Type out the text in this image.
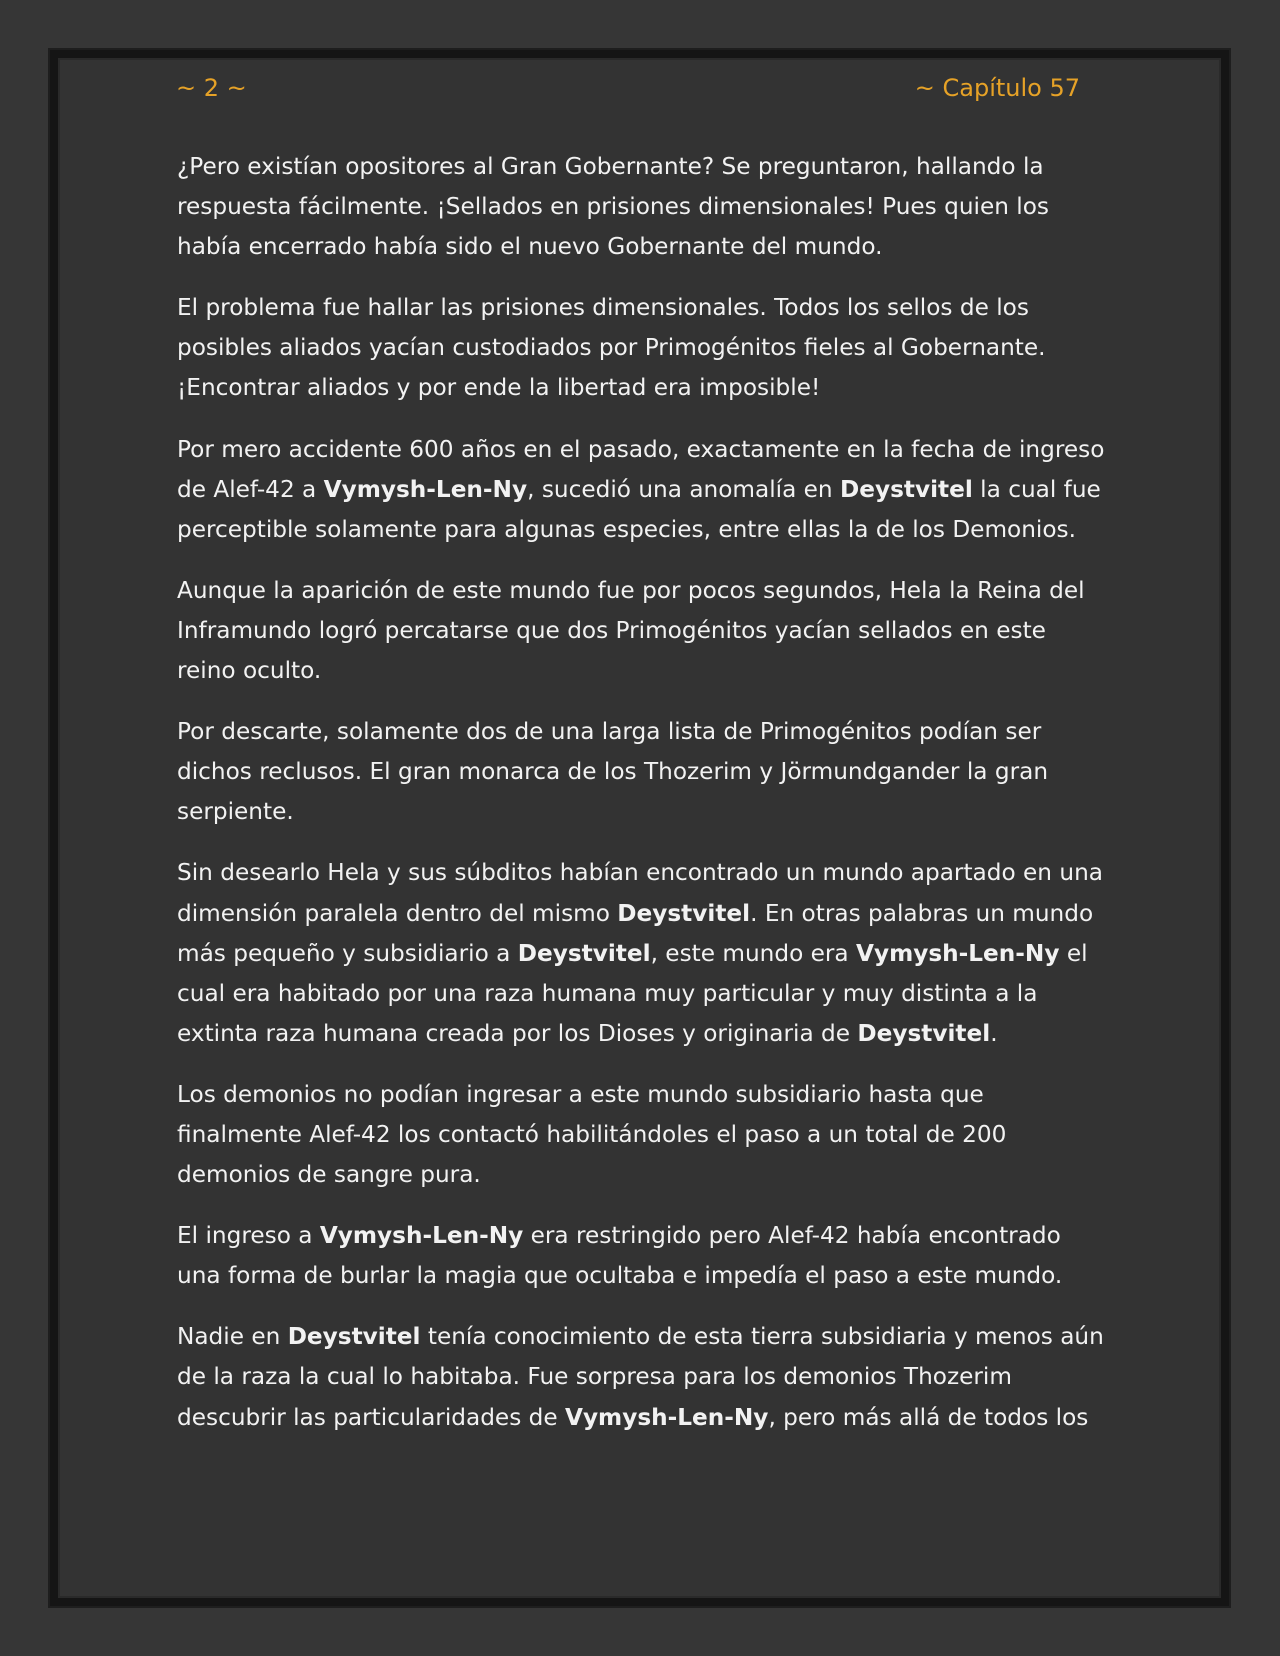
~ 2 ~	~ Capítulo 57

¿Pero existían opositores al Gran Gobernante? Se preguntaron, hallando la respuesta fácilmente. ¡Sellados en prisiones dimensionales! Pues quien los había encerrado había sido el nuevo Gobernante del mundo.

El problema fue hallar las prisiones dimensionales. Todos los sellos de los posibles aliados yacían custodiados por Primogénitos fieles al Gobernante. ¡Encontrar aliados y por ende la libertad era imposible!

Por mero accidente 600 años en el pasado, exactamente en la fecha de ingreso de Alef-42 a Vymysh-Len-Ny, sucedió una anomalía en Deystvitel la cual fue perceptible solamente para algunas especies, entre ellas la de los Demonios.

Aunque la aparición de este mundo fue por pocos segundos, Hela la Reina del Inframundo logró percatarse que dos Primogénitos yacían sellados en este reino oculto.

Por descarte, solamente dos de una larga lista de Primogénitos podían ser dichos reclusos. El gran monarca de los Thozerim y Jörmundgander la gran serpiente.

Sin desearlo Hela y sus súbditos habían encontrado un mundo apartado en una dimensión paralela dentro del mismo Deystvitel. En otras palabras un mundo más pequeño y subsidiario a Deystvitel, este mundo era Vymysh-Len-Ny el cual era habitado por una raza humana muy particular y muy distinta a la extinta raza humana creada por los Dioses y originaria de Deystvitel.

Los demonios no podían ingresar a este mundo subsidiario hasta que finalmente Alef-42 los contactó habilitándoles el paso a un total de 200 demonios de sangre pura.

El ingreso a Vymysh-Len-Ny era restringido pero Alef-42 había encontrado una forma de burlar la magia que ocultaba e impedía el paso a este mundo.

Nadie en Deystvitel tenía conocimiento de esta tierra subsidiaria y menos aún de la raza la cual lo habitaba. Fue sorpresa para los demonios Thozerim descubrir las particularidades de Vymysh-Len-Ny, pero más allá de todos los
